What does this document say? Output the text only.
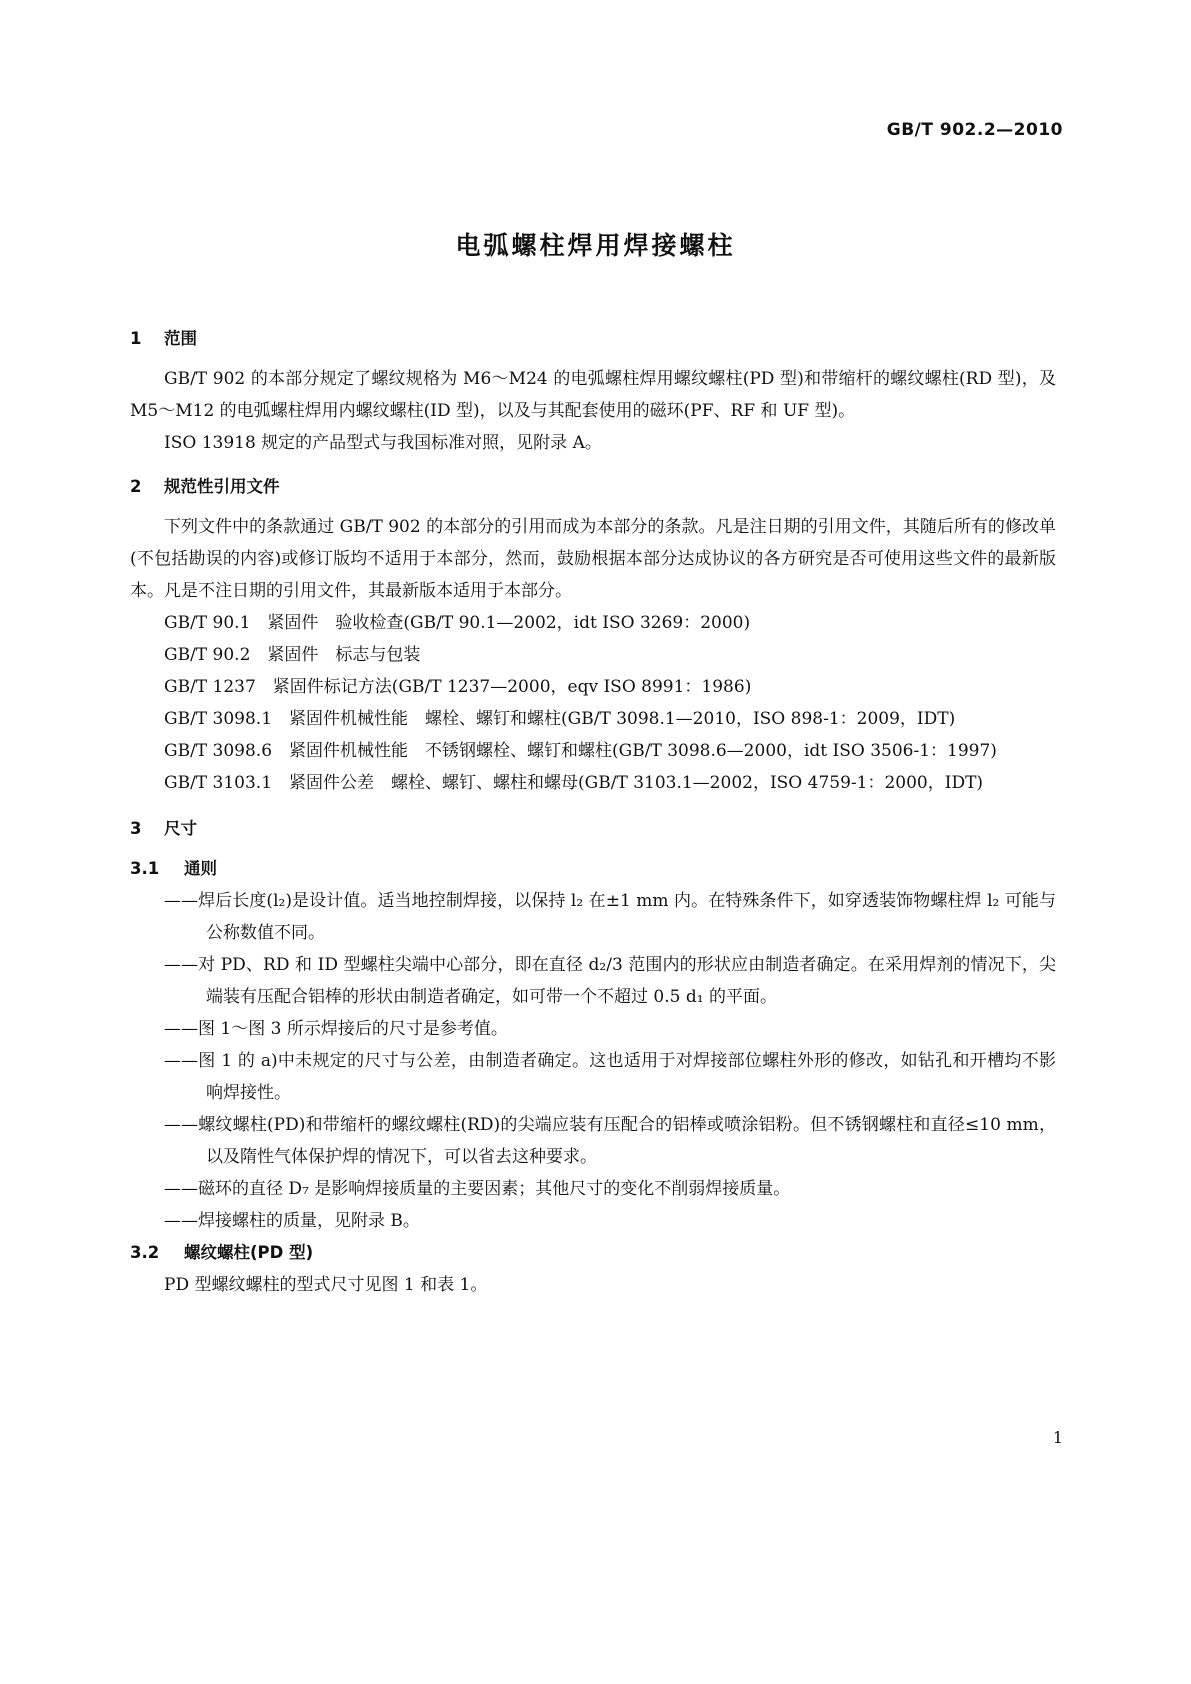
GB/T 902.2—2010
电弧螺柱焊用焊接螺柱
1	范围

GB/T 902 的本部分规定了螺纹规格为 M6～M24 的电弧螺柱焊用螺纹螺柱(PD 型)和带缩杆的螺纹螺柱(RD 型)，及 M5～M12 的电弧螺柱焊用内螺纹螺柱(ID 型)，以及与其配套使用的磁环(PF、RF 和 UF 型)。

ISO 13918 规定的产品型式与我国标准对照，见附录 A。

2	规范性引用文件

下列文件中的条款通过 GB/T 902 的本部分的引用而成为本部分的条款。凡是注日期的引用文件，其随后所有的修改单(不包括勘误的内容)或修订版均不适用于本部分，然而，鼓励根据本部分达成协议的各方研究是否可使用这些文件的最新版本。凡是不注日期的引用文件，其最新版本适用于本部分。

GB/T 90.1　紧固件　验收检查(GB/T 90.1—2002，idt ISO 3269：2000)

GB/T 90.2　紧固件　标志与包装

GB/T 1237　紧固件标记方法(GB/T 1237—2000，eqv ISO 8991：1986)

GB/T 3098.1　紧固件机械性能　螺栓、螺钉和螺柱(GB/T 3098.1—2010，ISO 898-1：2009，IDT)

GB/T 3098.6　紧固件机械性能　不锈钢螺栓、螺钉和螺柱(GB/T 3098.6—2000，idt ISO 3506-1：1997)

GB/T 3103.1　紧固件公差　螺栓、螺钉、螺柱和螺母(GB/T 3103.1—2002，ISO 4759-1：2000，IDT)

3	尺寸
3.1	通则

——焊后长度(l₂)是设计值。适当地控制焊接，以保持 l₂ 在±1 mm 内。在特殊条件下，如穿透装饰物螺柱焊 l₂ 可能与公称数值不同。

——对 PD、RD 和 ID 型螺柱尖端中心部分，即在直径 d₂/3 范围内的形状应由制造者确定。在采用焊剂的情况下，尖端装有压配合铝棒的形状由制造者确定，如可带一个不超过 0.5 d₁ 的平面。

——图 1～图 3 所示焊接后的尺寸是参考值。

——图 1 的 a)中未规定的尺寸与公差，由制造者确定。这也适用于对焊接部位螺柱外形的修改，如钻孔和开槽均不影响焊接性。

——螺纹螺柱(PD)和带缩杆的螺纹螺柱(RD)的尖端应装有压配合的铝棒或喷涂铝粉。但不锈钢螺柱和直径≤10 mm，以及隋性气体保护焊的情况下，可以省去这种要求。

——磁环的直径 D₇ 是影响焊接质量的主要因素；其他尺寸的变化不削弱焊接质量。

——焊接螺柱的质量，见附录 B。

3.2	螺纹螺柱(PD 型)

PD 型螺纹螺柱的型式尺寸见图 1 和表 1。

1
